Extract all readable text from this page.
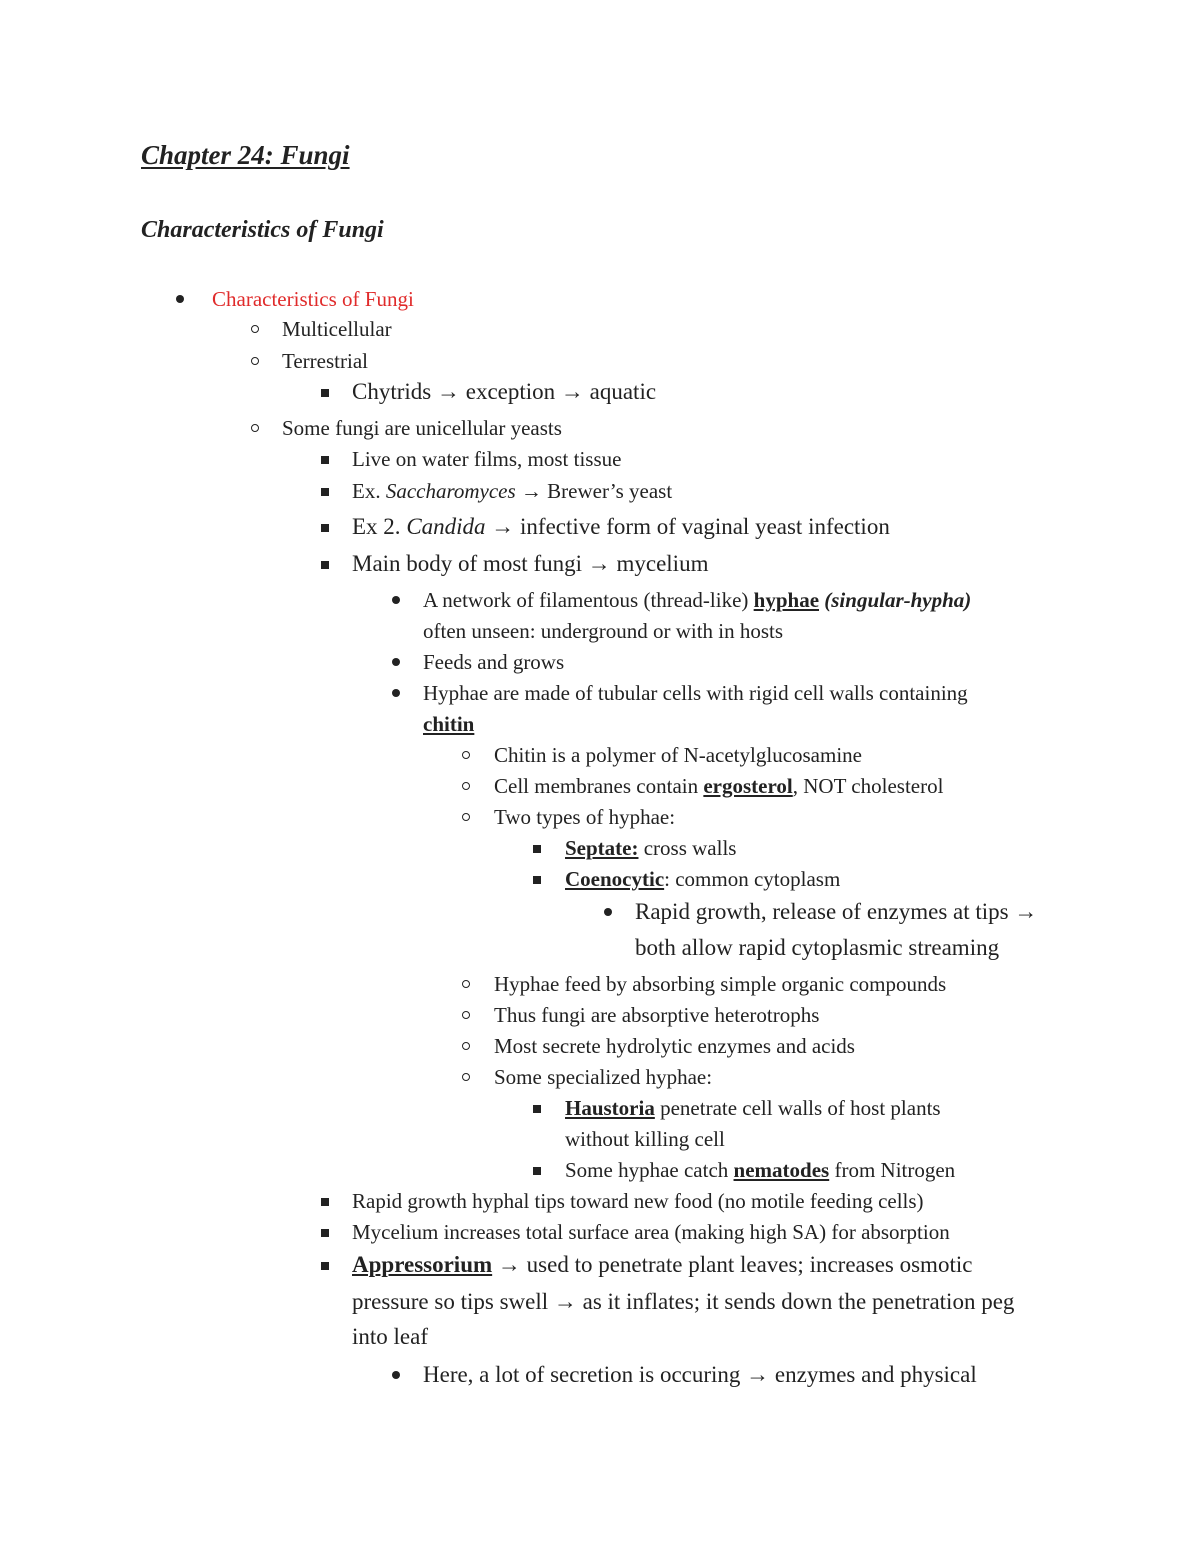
Chapter 24: Fungi
Characteristics of Fungi
Characteristics of Fungi
Multicellular
Terrestrial
Chytrids → exception → aquatic
Some fungi are unicellular yeasts
Live on water films, most tissue
Ex. Saccharomyces → Brewer’s yeast
Ex 2. Candida → infective form of vaginal yeast infection
Main body of most fungi → mycelium
A network of filamentous (thread-like) hyphae (singular-hypha)
often unseen: underground or with in hosts
Feeds and grows
Hyphae are made of tubular cells with rigid cell walls containing
chitin
Chitin is a polymer of N-acetylglucosamine
Cell membranes contain ergosterol, NOT cholesterol
Two types of hyphae:
Septate: cross walls
Coenocytic: common cytoplasm
Rapid growth, release of enzymes at tips →
both allow rapid cytoplasmic streaming
Hyphae feed by absorbing simple organic compounds
Thus fungi are absorptive heterotrophs
Most secrete hydrolytic enzymes and acids
Some specialized hyphae:
Haustoria penetrate cell walls of host plants
without killing cell
Some hyphae catch nematodes from Nitrogen
Rapid growth hyphal tips toward new food (no motile feeding cells)
Mycelium increases total surface area (making high SA) for absorption
Appressorium → used to penetrate plant leaves; increases osmotic
pressure so tips swell → as it inflates; it sends down the penetration peg
into leaf
Here, a lot of secretion is occuring → enzymes and physical
